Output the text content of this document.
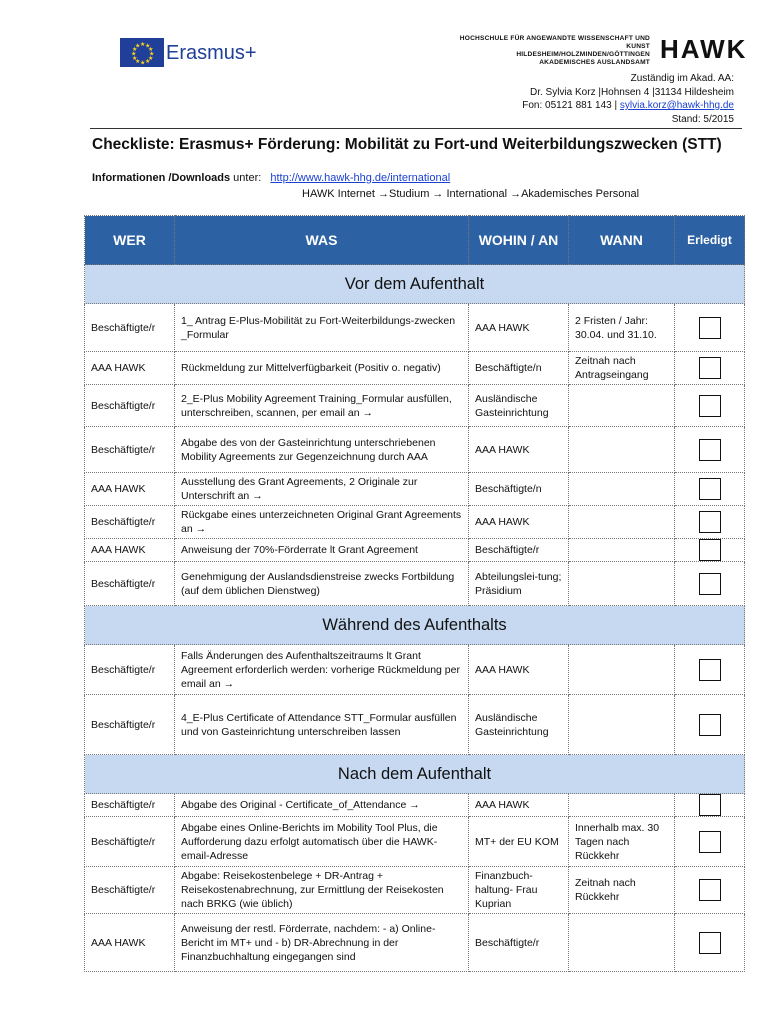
★ ★
★
★
★
★
★
★
★
★
★
★ Erasmus+
HOCHSCHULE FÜR ANGEWANDTE WISSENSCHAFT UND KUNST
HILDESHEIM/HOLZMINDEN/GÖTTINGEN
AKADEMISCHES AUSLANDSAMT HAWK
Zuständig im Akad. AA:
Dr. Sylvia Korz |Hohnsen 4 |31134 Hildesheim
Fon: 05121 881 143 | sylvia.korz@hawk-hhg.de
Stand: 5/2015
Checkliste: Erasmus+ Förderung: Mobilität zu Fort-und Weiterbildungszwecken (STT)
Informationen /Downloads unter: http://www.hawk-hhg.de/international
HAWK Internet →Studium → International →Akademisches Personal
WER	WAS	WOHIN / AN	WANN	Erledigt
Vor dem Aufenthalt				
Beschäftigte/r	1_ Antrag E-Plus-Mobilität zu Fort-Weiterbildungs-zwecken _Formular	AAA HAWK	2 Fristen / Jahr: 30.04. und 31.10.	

AAA HAWK	Rückmeldung zur Mittelverfügbarkeit (Positiv o. negativ)	Beschäftigte/n	Zeitnah nach Antragseingang	

Beschäftigte/r	2_E-Plus Mobility Agreement Training_Formular ausfüllen, unterschreiben, scannen, per email an →	Ausländische Gasteinrichtung		

Beschäftigte/r	Abgabe des von der Gasteinrichtung unterschriebenen Mobility Agreements zur Gegenzeichnung durch AAA	AAA HAWK		

AAA HAWK	Ausstellung des Grant Agreements, 2 Originale zur Unterschrift an →	Beschäftigte/n		

Beschäftigte/r	Rückgabe eines unterzeichneten Original Grant Agreements an →	AAA HAWK		

AAA HAWK	Anweisung der 70%-Förderrate lt Grant Agreement	Beschäftigte/r		

Beschäftigte/r	Genehmigung der Auslandsdienstreise zwecks Fortbildung (auf dem üblichen Dienstweg)	Abteilungslei-tung; Präsidium		

Während des Aufenthalts				
Beschäftigte/r	Falls Änderungen des Aufenthaltszeitraums lt Grant Agreement erforderlich werden: vorherige Rückmeldung per email an →	AAA HAWK		

Beschäftigte/r	4_E-Plus Certificate of Attendance STT_Formular ausfüllen und von Gasteinrichtung unterschreiben lassen	Ausländische Gasteinrichtung		

Nach dem Aufenthalt				
Beschäftigte/r	Abgabe des Original - Certificate_of_Attendance →	AAA HAWK		

Beschäftigte/r	Abgabe eines Online-Berichts im Mobility Tool Plus, die Aufforderung dazu erfolgt automatisch über die HAWK-email-Adresse	MT+ der EU KOM	Innerhalb max. 30 Tagen nach Rückkehr	

Beschäftigte/r	Abgabe: Reisekostenbelege + DR-Antrag + Reisekostenabrechnung, zur Ermittlung der Reisekosten nach BRKG (wie üblich)	Finanzbuch-haltung- Frau Kuprian	Zeitnah nach Rückkehr	

AAA HAWK	Anweisung der restl. Förderrate, nachdem: - a) Online-Bericht im MT+ und - b) DR-Abrechnung in der Finanzbuchhaltung eingegangen sind	Beschäftigte/r		
